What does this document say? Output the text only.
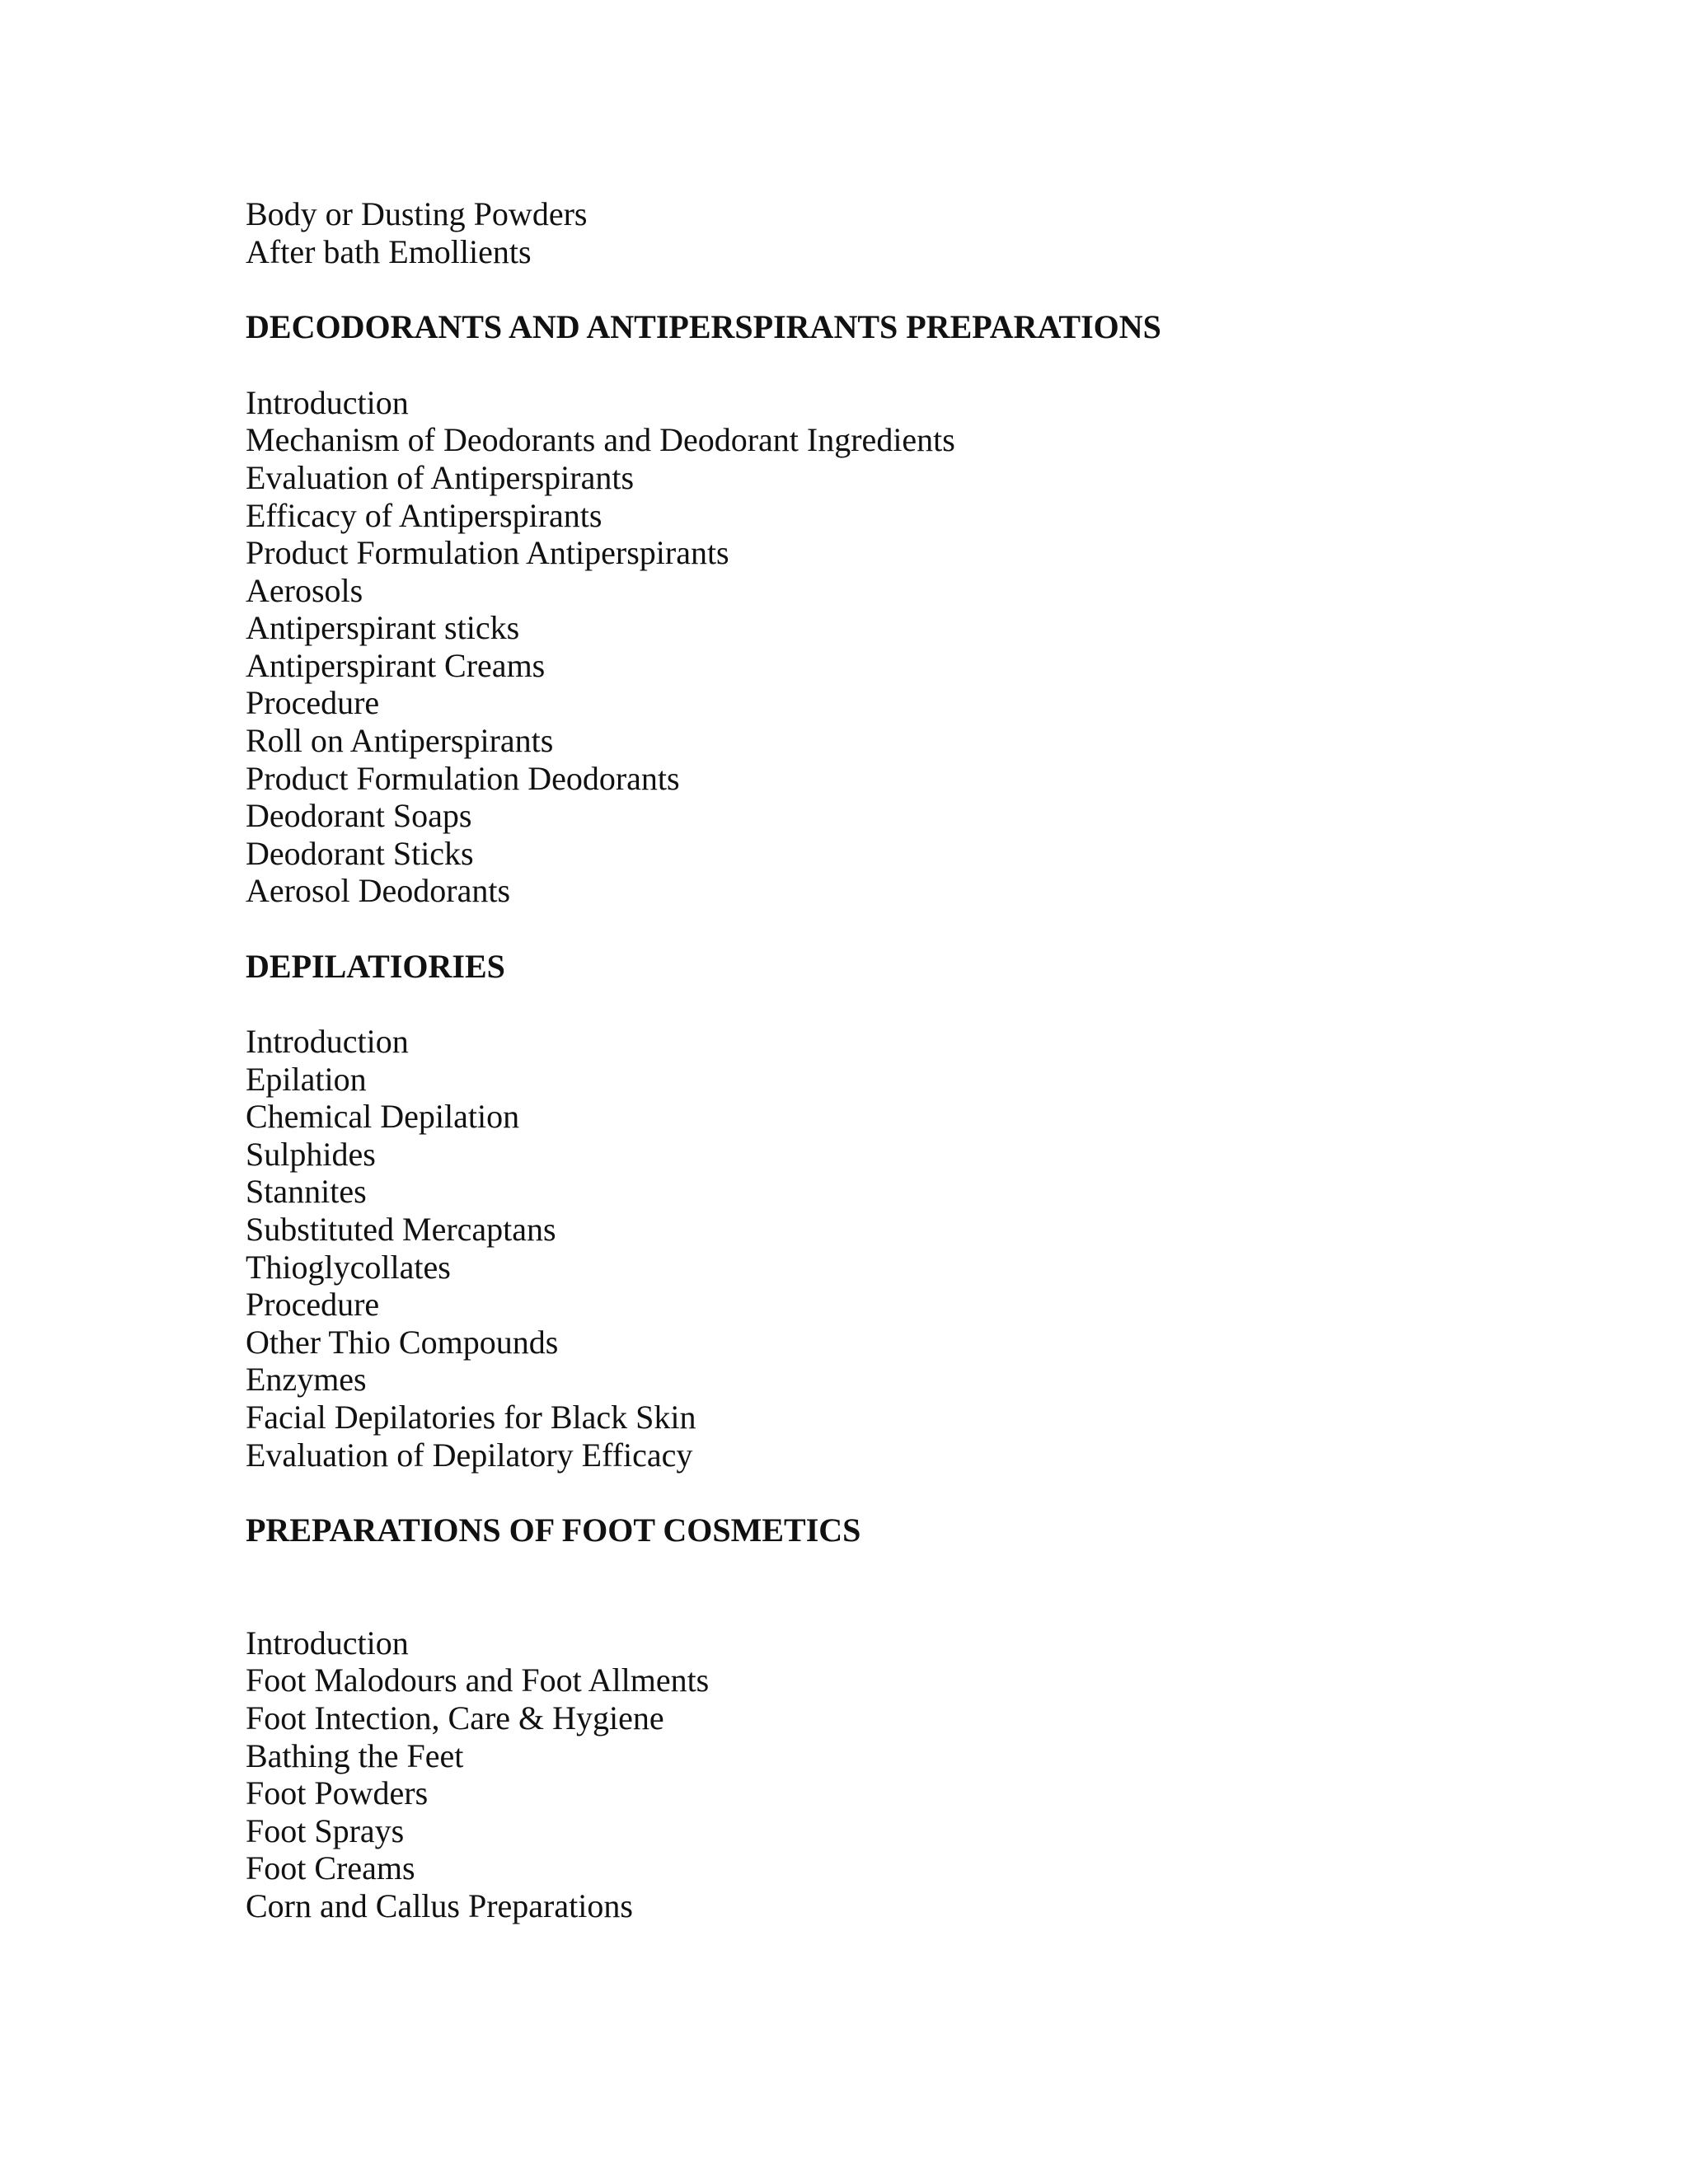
Body or Dusting Powders
After bath Emollients
DECODORANTS AND ANTIPERSPIRANTS PREPARATIONS
Introduction
Mechanism of Deodorants and Deodorant Ingredients
Evaluation of Antiperspirants
Efficacy of Antiperspirants
Product Formulation Antiperspirants
Aerosols
Antiperspirant sticks
Antiperspirant Creams
Procedure
Roll on Antiperspirants
Product Formulation Deodorants
Deodorant Soaps
Deodorant Sticks
Aerosol Deodorants
DEPILATIORIES
Introduction
Epilation
Chemical Depilation
Sulphides
Stannites
Substituted Mercaptans
Thioglycollates
Procedure
Other Thio Compounds
Enzymes
Facial Depilatories for Black Skin
Evaluation of Depilatory Efficacy
PREPARATIONS OF FOOT COSMETICS
Introduction
Foot Malodours and Foot Allments
Foot Intection, Care & Hygiene
Bathing the Feet
Foot Powders
Foot Sprays
Foot Creams
Corn and Callus Preparations
